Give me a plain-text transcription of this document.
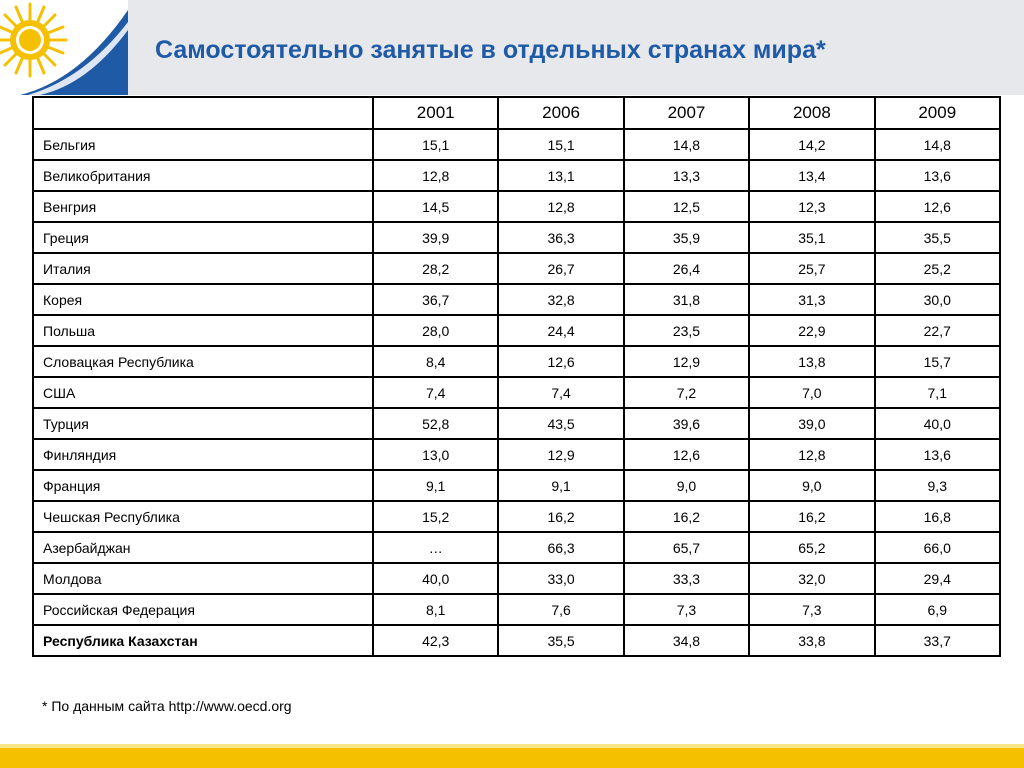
Самостоятельно занятые в отдельных странах мира*
	2001	2006	2007	2008	2009
Бельгия	15,1	15,1	14,8	14,2	14,8
Великобритания	12,8	13,1	13,3	13,4	13,6
Венгрия	14,5	12,8	12,5	12,3	12,6
Греция	39,9	36,3	35,9	35,1	35,5
Италия	28,2	26,7	26,4	25,7	25,2
Корея	36,7	32,8	31,8	31,3	30,0
Польша	28,0	24,4	23,5	22,9	22,7
Словацкая Республика	8,4	12,6	12,9	13,8	15,7
США	7,4	7,4	7,2	7,0	7,1
Турция	52,8	43,5	39,6	39,0	40,0
Финляндия	13,0	12,9	12,6	12,8	13,6
Франция	9,1	9,1	9,0	9,0	9,3
Чешская Республика	15,2	16,2	16,2	16,2	16,8
Азербайджан	…	66,3	65,7	65,2	66,0
Молдова	40,0	33,0	33,3	32,0	29,4
Российская Федерация	8,1	7,6	7,3	7,3	6,9
Республика Казахстан	42,3	35,5	34,8	33,8	33,7
* По данным сайта http://www.oecd.org
